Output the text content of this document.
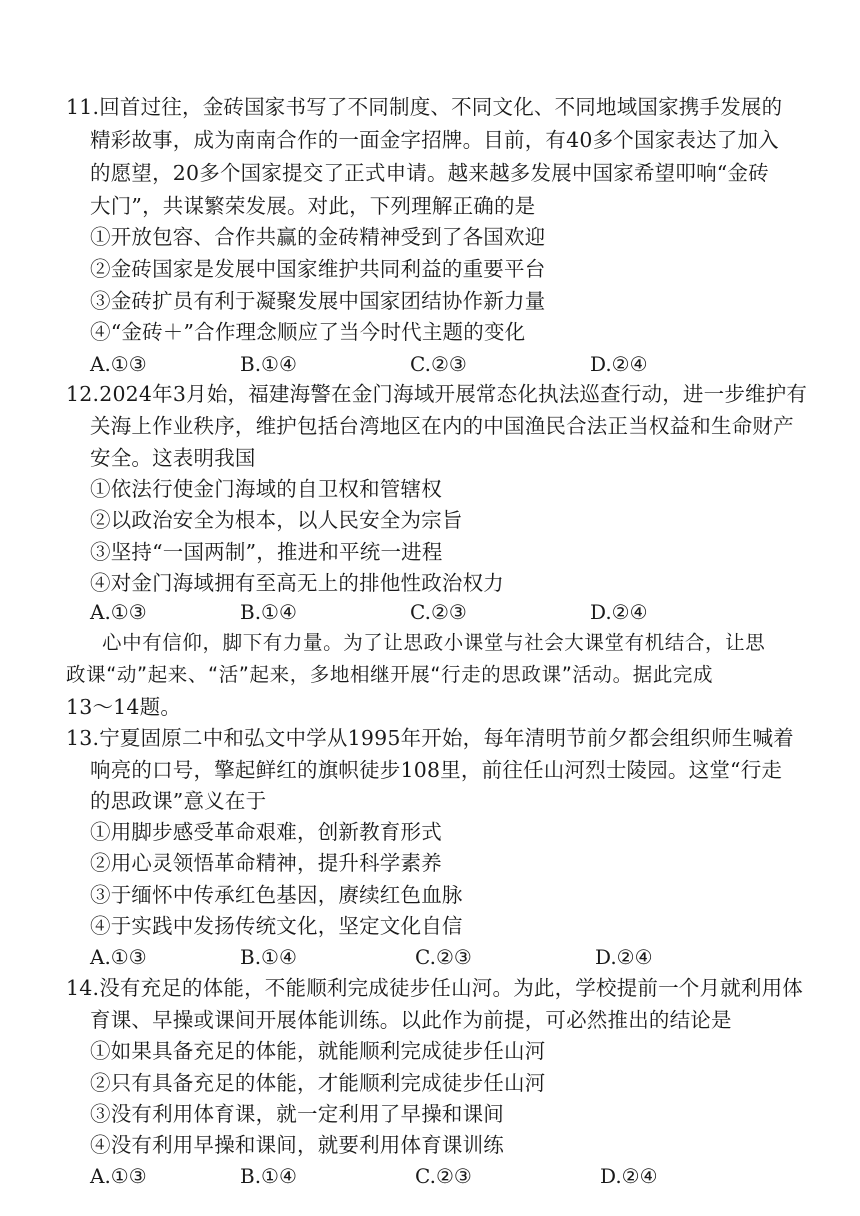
11.回首过往，金砖国家书写了不同制度、不同文化、不同地域国家携手发展的
精彩故事，成为南南合作的一面金字招牌。目前，有40多个国家表达了加入
的愿望，20多个国家提交了正式申请。越来越多发展中国家希望叩响“金砖
大门”，共谋繁荣发展。对此，下列理解正确的是
①开放包容、合作共赢的金砖精神受到了各国欢迎
②金砖国家是发展中国家维护共同利益的重要平台
③金砖扩员有利于凝聚发展中国家团结协作新力量
④“金砖＋”合作理念顺应了当今时代主题的变化
A.①③	B.①④	C.②③	D.②④
12.2024年3月始，福建海警在金门海域开展常态化执法巡查行动，进一步维护有
关海上作业秩序，维护包括台湾地区在内的中国渔民合法正当权益和生命财产
安全。这表明我国
①依法行使金门海域的自卫权和管辖权
②以政治安全为根本，以人民安全为宗旨
③坚持“一国两制”，推进和平统一进程
④对金门海域拥有至高无上的排他性政治权力
A.①③	B.①④	C.②③	D.②④
心中有信仰，脚下有力量。为了让思政小课堂与社会大课堂有机结合，让思
政课“动”起来、“活”起来，多地相继开展“行走的思政课”活动。据此完成
13～14题。
13.宁夏固原二中和弘文中学从1995年开始，每年清明节前夕都会组织师生喊着
响亮的口号，擎起鲜红的旗帜徒步108里，前往任山河烈士陵园。这堂“行走
的思政课”意义在于
①用脚步感受革命艰难，创新教育形式
②用心灵领悟革命精神，提升科学素养
③于缅怀中传承红色基因，赓续红色血脉
④于实践中发扬传统文化，坚定文化自信
A.①③	B.①④	C.②③	D.②④
14.没有充足的体能，不能顺利完成徒步任山河。为此，学校提前一个月就利用体
育课、早操或课间开展体能训练。以此作为前提，可必然推出的结论是
①如果具备充足的体能，就能顺利完成徒步任山河
②只有具备充足的体能，才能顺利完成徒步任山河
③没有利用体育课，就一定利用了早操和课间
④没有利用早操和课间，就要利用体育课训练
A.①③	B.①④	C.②③	D.②④
